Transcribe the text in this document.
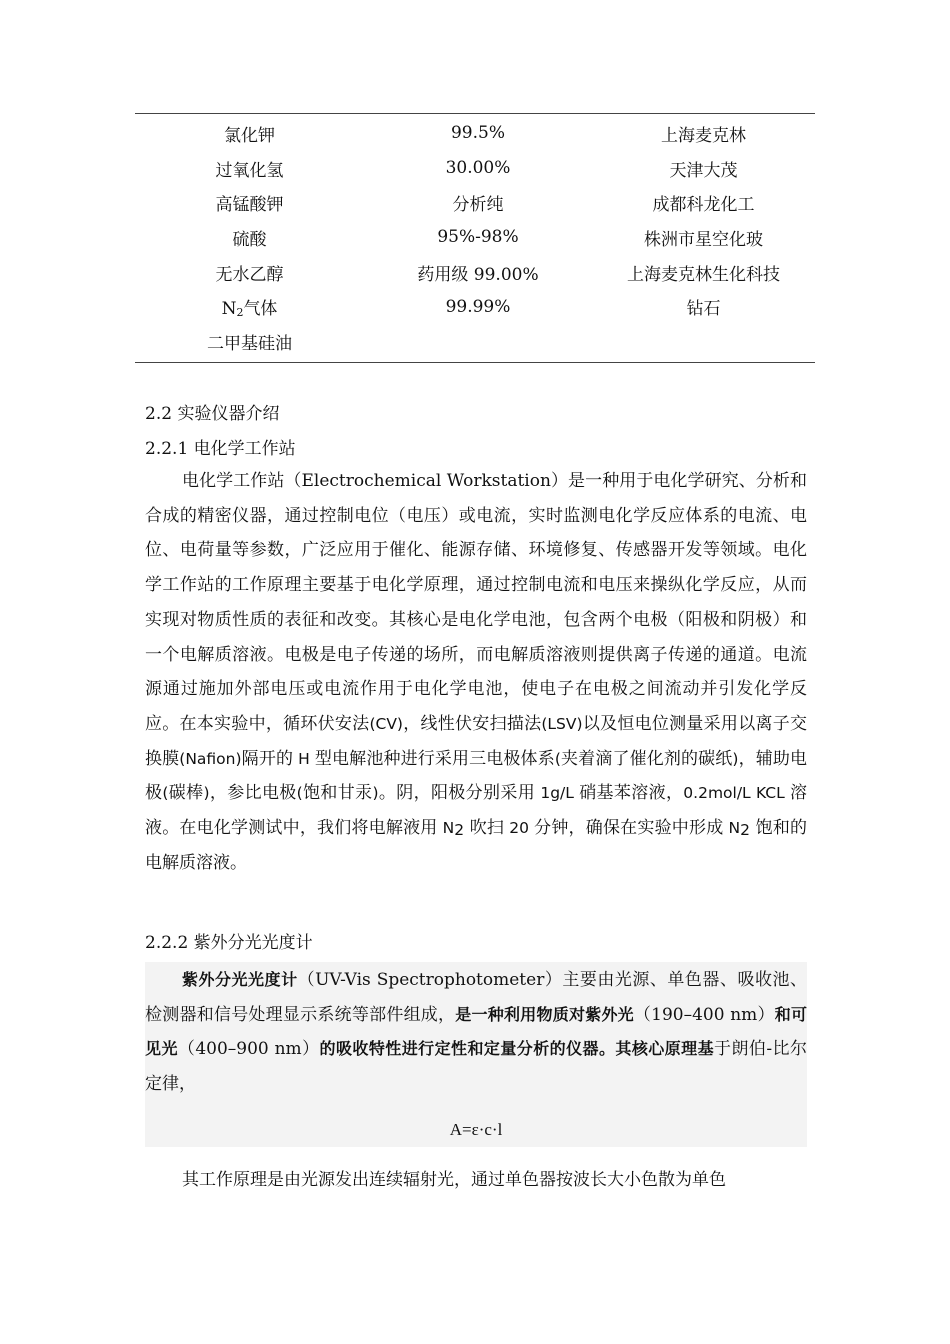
氯化钾	99.5%	上海麦克林
过氧化氢	30.00%	天津大茂
高锰酸钾	分析纯	成都科龙化工
硫酸	95%-98%	株洲市星空化玻
无水乙醇	药用级 99.00%	上海麦克林生化科技
N2气体	99.99%	钻石
二甲基硅油
2.2 实验仪器介绍
2.2.1 电化学工作站

电化学工作站（Electrochemical Workstation）是一种用于电化学研究、分析和合成的精密仪器，通过控制电位（电压）或电流，实时监测电化学反应体系的电流、电位、电荷量等参数，广泛应用于催化、能源存储、环境修复、传感器开发等领域。电化学工作站的工作原理主要基于电化学原理，通过控制电流和电压来操纵化学反应，从而实现对物质性质的表征和改变。其核心是电化学电池，包含两个电极（阳极和阴极）和一个电解质溶液。电极是电子传递的场所，而电解质溶液则提供离子传递的通道。电流源通过施加外部电压或电流作用于电化学电池，使电子在电极之间流动并引发化学反应。在本实验中，循环伏安法(CV)，线性伏安扫描法(LSV)以及恒电位测量采用以离子交换膜(Nafion)隔开的 H 型电解池种进行采用三电极体系(夹着滴了催化剂的碳纸)，辅助电极(碳棒)，参比电极(饱和甘汞)。阴，阳极分别采用 1g/L 硝基苯溶液，0.2mol/L KCL 溶液。在电化学测试中，我们将电解液用 N2 吹扫 20 分钟，确保在实验中形成 N2 饱和的电解质溶液。

2.2.2 紫外分光光度计

紫外分光光度计（UV-Vis Spectrophotometer）主要由光源、单色器、吸收池、检测器和信号处理显示系统等部件组成，是一种利用物质对紫外光（190–400 nm）和可见光（400–900 nm）的吸收特性进行定性和定量分析的仪器。其核心原理基于朗伯-比尔定律，

A=ε·c·l

其工作原理是由光源发出连续辐射光，通过单色器按波长大小色散为单色
